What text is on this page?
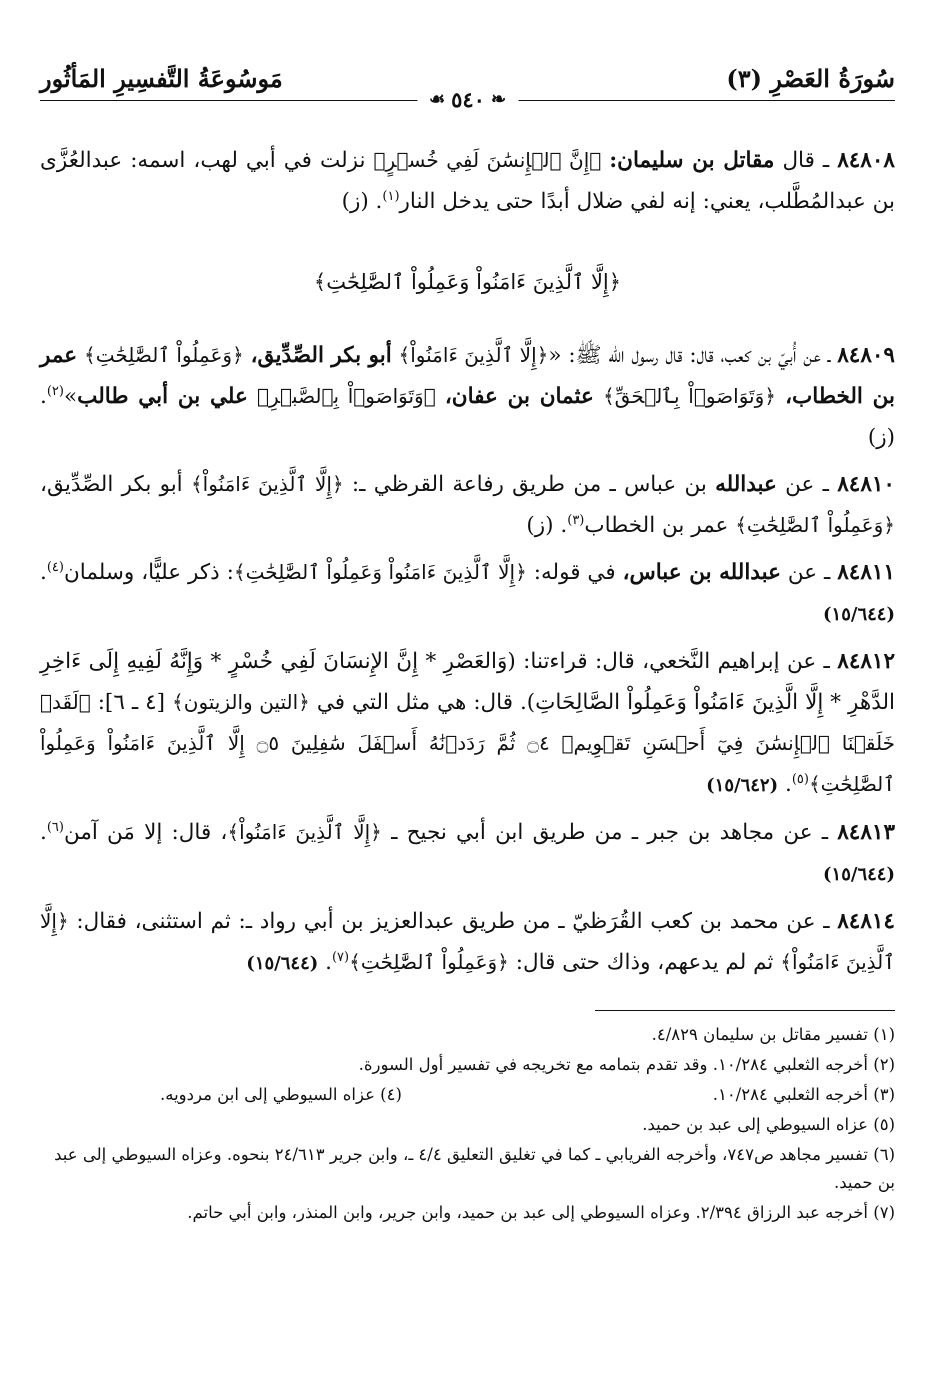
سُورَةُ العَصْرِ (٣)
مَوسُوعَةُ التَّفسِيرِ المَأثُور
❧
٥٤٠
☙

٨٤٨٠٨ ـ قال مقاتل بن سليمان: ﴿إِنَّ ٱلۡإِنسَٰنَ لَفِي خُسۡرٍ﴾ نزلت في أبي لهب، اسمه: عبدالعُزَّى بن عبدالمُطَّلب، يعني: إنه لفي ضلال أبدًا حتى يدخل النار$^{(١)}$. (ز)

﴿إِلَّا ٱلَّذِينَ ءَامَنُواْ وَعَمِلُواْ ٱلصَّٰلِحَٰتِ﴾

٨٤٨٠٩ ـ عن أُبيّ بن كعب، قال: قال رسول الله ﷺ: «﴿إِلَّا ٱلَّذِينَ ءَامَنُواْ﴾ أبو بكر الصِّدِّيق، ﴿وَعَمِلُواْ ٱلصَّٰلِحَٰتِ﴾ عمر بن الخطاب، ﴿وَتَوَاصَوۡاْ بِٱلۡحَقِّ﴾ عثمان بن عفان، ﴿وَتَوَاصَوۡاْ بِٱلصَّبۡرِ﴾ علي بن أبي طالب»$^{(٢)}$. (ز)

٨٤٨١٠ ـ عن عبدالله بن عباس ـ من طريق رفاعة القرظي ـ: ﴿إِلَّا ٱلَّذِينَ ءَامَنُواْ﴾ أبو بكر الصِّدِّيق، ﴿وَعَمِلُواْ ٱلصَّٰلِحَٰتِ﴾ عمر بن الخطاب$^{(٣)}$. (ز)

٨٤٨١١ ـ عن عبدالله بن عباس، في قوله: ﴿إِلَّا ٱلَّذِينَ ءَامَنُواْ وَعَمِلُواْ ٱلصَّٰلِحَٰتِ﴾: ذكر عليًّا، وسلمان$^{(٤)}$. (١٥/٦٤٤)

٨٤٨١٢ ـ عن إبراهيم النَّخعي، قال: قراءتنا: (وَالعَصْرِ * إِنَّ الإِنسَانَ لَفِي خُسْرٍ * وَإِنَّهُ لَفِيهِ إِلَى ءَاخِرِ الدَّهْرِ * إِلَّا الَّذِينَ ءَامَنُواْ وَعَمِلُواْ الصَّالِحَاتِ). قال: هي مثل التي في ﴿التين والزيتون﴾ [٤ ـ ٦]: ﴿لَقَدۡ خَلَقۡنَا ٱلۡإِنسَٰنَ فِيٓ أَحۡسَنِ تَقۡوِيمٖ ۝٤ ثُمَّ رَدَدۡنَٰهُ أَسۡفَلَ سَٰفِلِينَ ۝٥ إِلَّا ٱلَّذِينَ ءَامَنُواْ وَعَمِلُواْ ٱلصَّٰلِحَٰتِ﴾$^{(٥)}$. (١٥/٦٤٢)

٨٤٨١٣ ـ عن مجاهد بن جبر ـ من طريق ابن أبي نجيح ـ ﴿إِلَّا ٱلَّذِينَ ءَامَنُواْ﴾، قال: إلا مَن آمن$^{(٦)}$. (١٥/٦٤٤)

٨٤٨١٤ ـ عن محمد بن كعب القُرَظيّ ـ من طريق عبدالعزيز بن أبي رواد ـ: ثم استثنى، فقال: ﴿إِلَّا ٱلَّذِينَ ءَامَنُواْ﴾ ثم لم يدعهم، وذاك حتى قال: ﴿وَعَمِلُواْ ٱلصَّٰلِحَٰتِ﴾$^{(٧)}$. (١٥/٦٤٤)

(١) تفسير مقاتل بن سليمان ٤/٨٢٩.
(٢) أخرجه الثعلبي ١٠/٢٨٤. وقد تقدم بتمامه مع تخريجه في تفسير أول السورة.
(٣) أخرجه الثعلبي ١٠/٢٨٤.
(٤) عزاه السيوطي إلى ابن مردويه.
(٥) عزاه السيوطي إلى عبد بن حميد.
(٦) تفسير مجاهد ص٧٤٧، وأخرجه الفريابي ـ كما في تغليق التعليق ٤/٤ ـ، وابن جرير ٢٤/٦١٣ بنحوه. وعزاه السيوطي إلى عبد بن حميد.
(٧) أخرجه عبد الرزاق ٢/٣٩٤. وعزاه السيوطي إلى عبد بن حميد، وابن جرير، وابن المنذر، وابن أبي حاتم.
